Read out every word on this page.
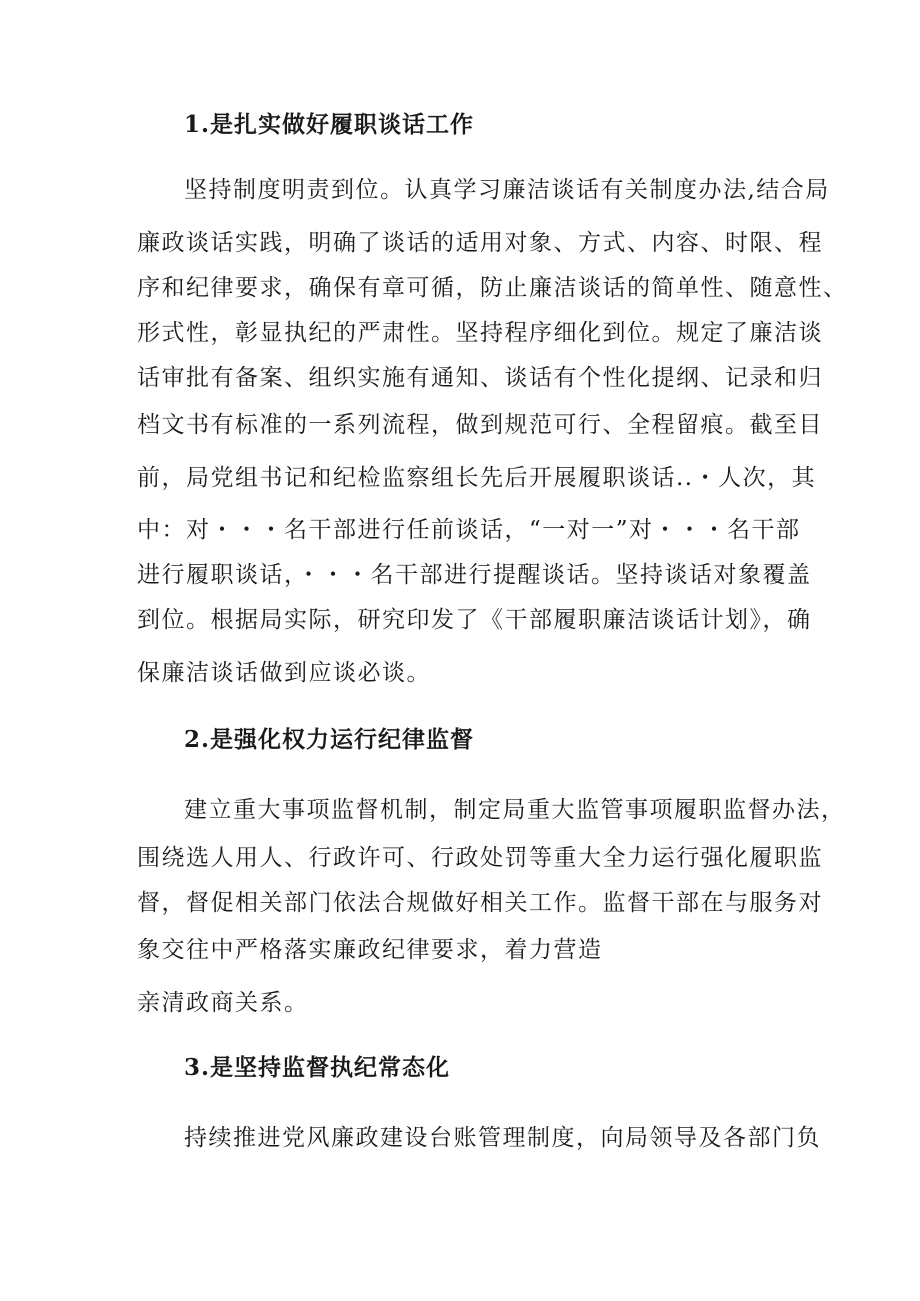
1.是扎实做好履职谈话工作
坚持制度明责到位。认真学习廉洁谈话有关制度办法,结合局
廉政谈话实践，明确了谈话的适用对象、方式、内容、时限、程
序和纪律要求，确保有章可循，防止廉洁谈话的简单性、随意性、
形式性，彰显执纪的严肃性。坚持程序细化到位。规定了廉洁谈
话审批有备案、组织实施有通知、谈话有个性化提纲、记录和归
档文书有标准的一系列流程，做到规范可行、全程留痕。截至目
前，局党组书记和纪检监察组长先后开展履职谈话..・人次，其
中：对・・・名干部进行任前谈话，“一对一”对・・・名干部
进行履职谈话，・・・名干部进行提醒谈话。坚持谈话对象覆盖
到位。根据局实际，研究印发了《干部履职廉洁谈话计划》，确
保廉洁谈话做到应谈必谈。
2.是强化权力运行纪律监督
建立重大事项监督机制，制定局重大监管事项履职监督办法，
围绕选人用人、行政许可、行政处罚等重大全力运行强化履职监
督，督促相关部门依法合规做好相关工作。监督干部在与服务对
象交往中严格落实廉政纪律要求，着力营造
亲清政商关系。
3.是坚持监督执纪常态化
持续推进党风廉政建设台账管理制度，向局领导及各部门负
